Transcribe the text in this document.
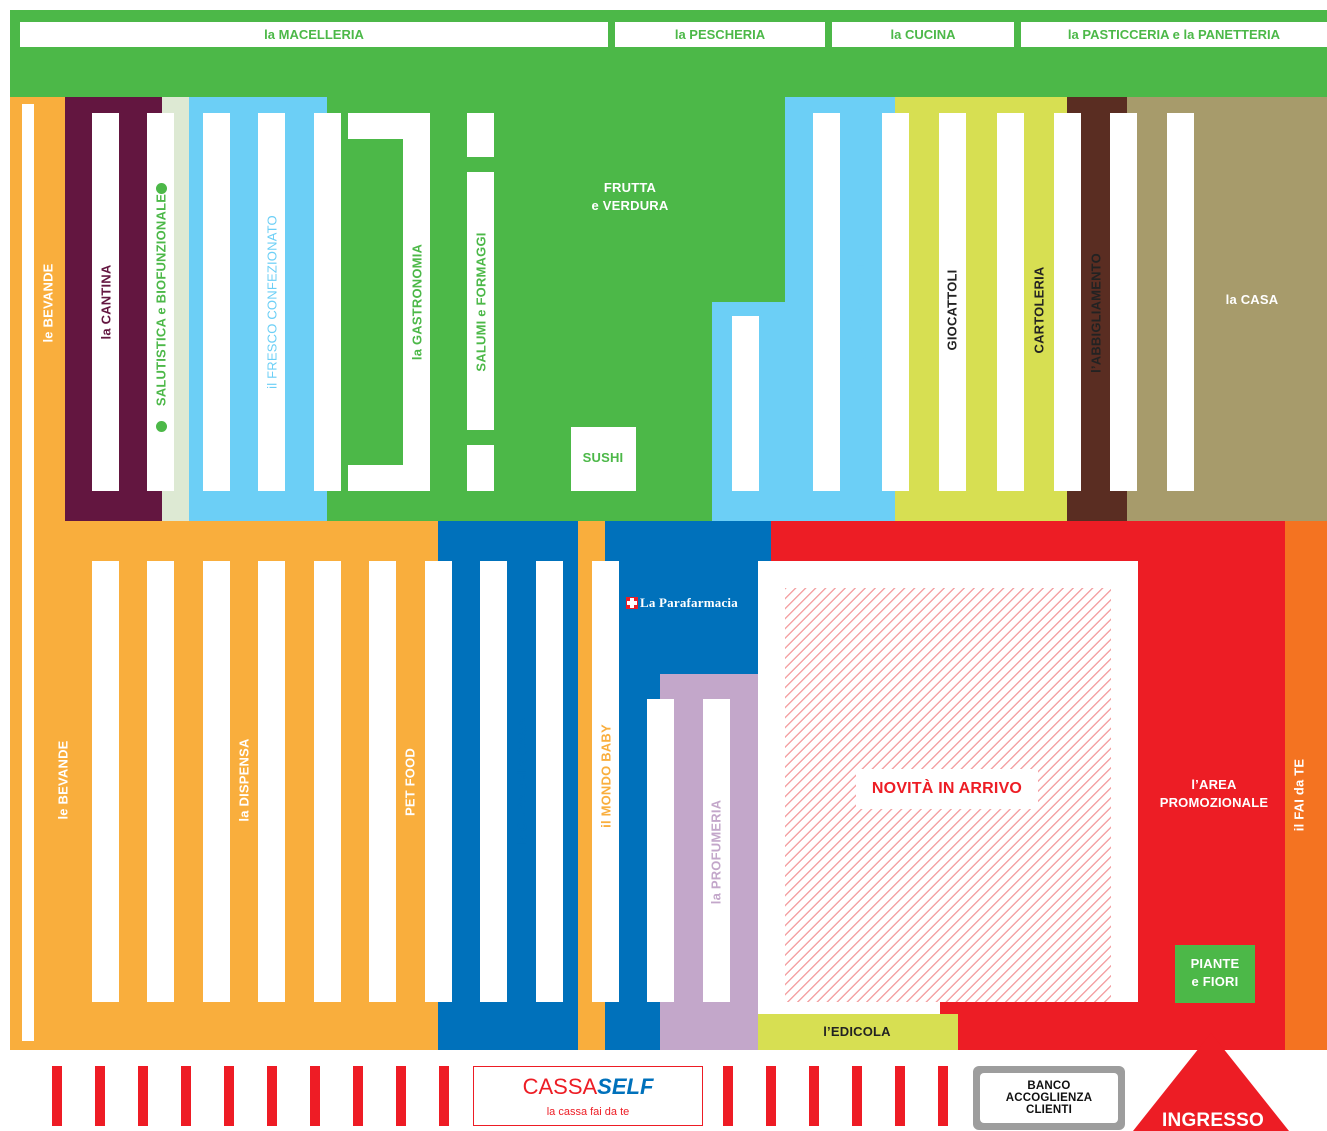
la MACELLERIA	la PESCHERIA	la CUCINA	la PASTICCERIA e la PANETTERIA
le BEVANDE	la CANTINA	SALUTISTICA e BIOFUNZIONALE	il FRESCO CONFEZIONATO	la GASTRONOMIA	SALUMI e FORMAGGI
FRUTTA
e VERDURA
SUSHI
i SURGELATI
✻
GIOCATTOLI	CARTOLERIA	l’ABBIGLIAMENTO	la CASA
le BEVANDE	la DISPENSA	PET FOOD	la CURA della CASA	il MONDO BABY
la PROFUMERIA
La Parafarmacia
NOVITÀ IN ARRIVO
l’EDICOLA
l’AREA
PROMOZIONALE
PIANTE
e FIORI
il FAI da TE
CASSASELF
la cassa fai da te
BANCO
ACCOGLIENZA
CLIENTI	INGRESSO
